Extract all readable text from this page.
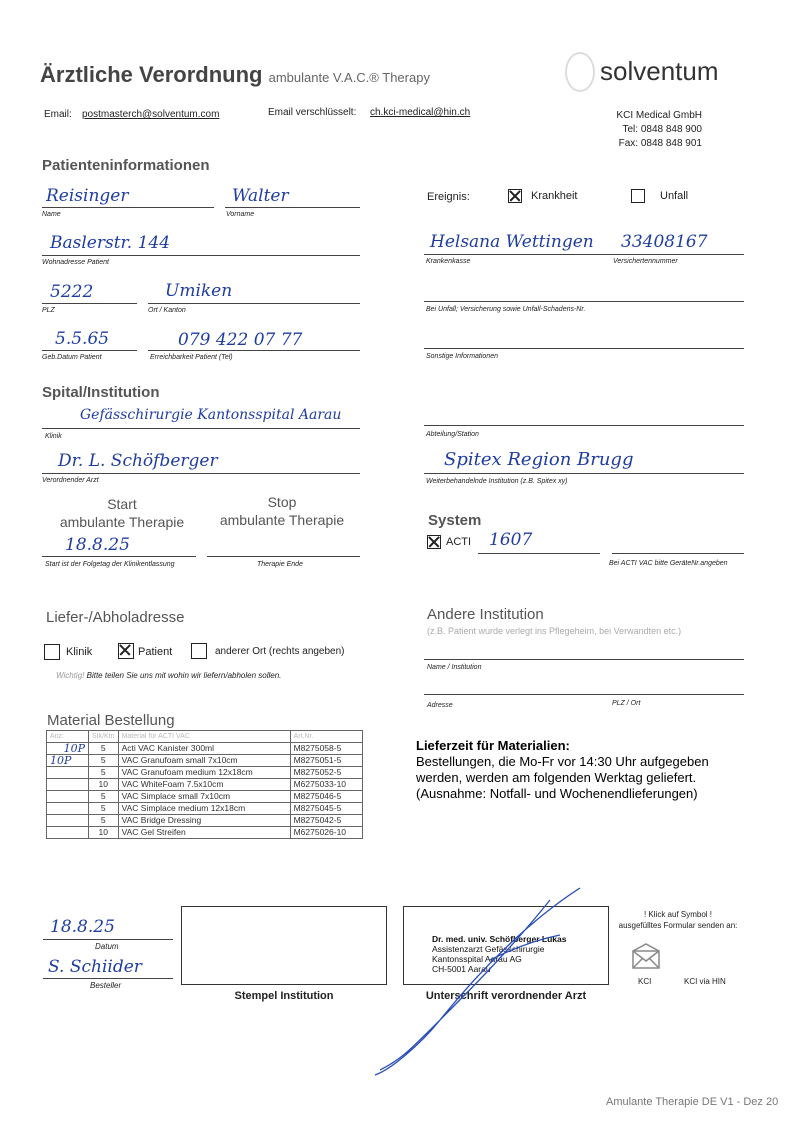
Ärztliche Verordnung ambulante V.A.C.® Therapy	solventum
Email: postmasterch@solventum.com	Email verschlüsselt: ch.kci-medical@hin.ch	KCI Medical GmbH
Tel: 0848 848 900
Fax: 0848 848 901
Patienteninformationen
Reisinger
Name
Walter
Vorname
Baslerstr. 144
Wohnadresse Patient
5222
PLZ
Umiken
Ort / Kanton
5.5.65
Geb.Datum Patient
079 422 07 77
Erreichbarkeit Patient (Tel)
Ereignis:	Krankheit	Unfall
Helsana Wettingen 33408167
Krankenkasse	Versichertennummer
Bei Unfall; Versicherung sowie Unfall-Schadens-Nr.
Sonstige Informationen
Spital/Institution
Gefässchirurgie Kantonsspital Aarau
Klinik	Abteilung/Station
Dr. L. Schöfberger
Verordnender Arzt
Spitex Region Brugg
Weiterbehandelnde Institution (z.B. Spitex xy)
Start
ambulante Therapie
Stop
ambulante Therapie
18.8.25
Start ist der Folgetag der Klinikentlassung	Therapie Ende
System
ACTI 1607
Bei ACTI VAC bitte GeräteNr.angeben
Liefer-/Abholadresse
Klinik	Patient	anderer Ort (rechts angeben)
Wichtig! Bitte teilen Sie uns mit wohin wir liefern/abholen sollen.
Andere Institution
(z.B. Patient wurde verlegt ins Pflegeheim, bei Verwandten etc.)
Name / Institution
Adresse	PLZ / Ort
Material Bestellung
Anz.	Stk/Ktn	Material für ACTI VAC	Art.Nr.
10P	5	Acti VAC Kanister 300ml	M8275058-5
10P	5	VAC Granufoam small 7x10cm	M8275051-5
	5	VAC Granufoam medium 12x18cm	M8275052-5
	10	VAC WhiteFoam 7.5x10cm	M6275033-10
	5	VAC Simplace small 7x10cm	M8275046-5
	5	VAC Simplace medium 12x18cm	M8275045-5
	5	VAC Bridge Dressing	M8275042-5
	10	VAC Gel Streifen	M6275026-10
Lieferzeit für Materialien:
Bestellungen, die Mo-Fr vor 14:30 Uhr aufgegeben
werden, werden am folgenden Werktag geliefert.
(Ausnahme: Notfall- und Wochenendlieferungen)
18.8.25
Datum
S. Schiider
Besteller
Stempel Institution
Dr. med. univ. Schöfberger Lukas
Assistenzarzt Gefässchirurgie
Kantonsspital Aarau AG
CH-5001 Aarau
Unterschrift verordnender Arzt
! Klick auf Symbol !
ausgefülltes Formular senden an:
KCI	KCI via HIN
Amulante Therapie DE V1 - Dez 20
